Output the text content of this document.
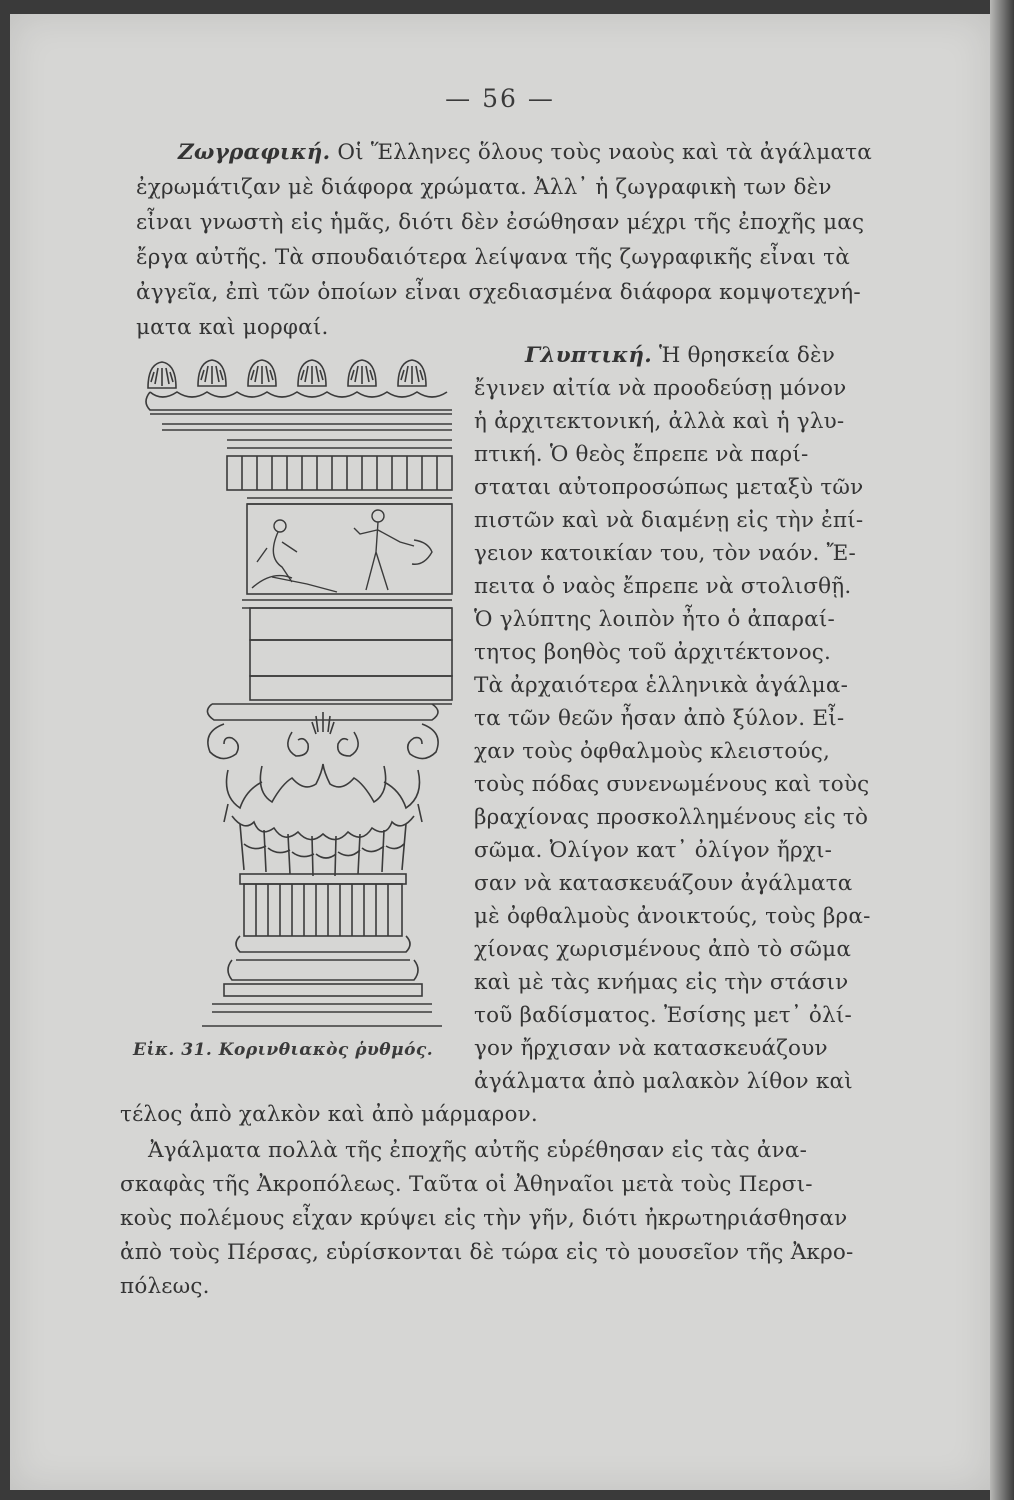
— 56 —
Ζωγραφική. Οἱ Ἕλληνες ὅλους τοὺς ναοὺς καὶ τὰ ἀγάλματα
ἐχρωμάτιζαν μὲ διάφορα χρώματα. Ἀλλ᾽ ἡ ζωγραφικὴ των δὲν
εἶναι γνωστὴ εἰς ἡμᾶς, διότι δὲν ἐσώθησαν μέχρι τῆς ἐποχῆς μας
ἔργα αὐτῆς. Τὰ σπουδαιότερα λείψανα τῆς ζωγραφικῆς εἶναι τὰ
ἀγγεῖα, ἐπὶ τῶν ὁποίων εἶναι σχεδιασμένα διάφορα κομψοτεχνή-
ματα καὶ μορφαί.
Γλυπτική. Ἡ θρησκεία δὲν
ἔγινεν αἰτία νὰ προοδεύσῃ μόνον
ἡ ἀρχιτεκτονική, ἀλλὰ καὶ ἡ γλυ-
πτική. Ὁ θεὸς ἔπρεπε νὰ παρί-
σταται αὐτοπροσώπως μεταξὺ τῶν
πιστῶν καὶ νὰ διαμένῃ εἰς τὴν ἐπί-
γειον κατοικίαν του, τὸν ναόν. Ἔ-
πειτα ὁ ναὸς ἔπρεπε νὰ στολισθῇ.
Ὁ γλύπτης λοιπὸν ἦτο ὁ ἀπαραί-
τητος βοηθὸς τοῦ ἀρχιτέκτονος.
Τὰ ἀρχαιότερα ἑλληνικὰ ἀγάλμα-
τα τῶν θεῶν ἦσαν ἀπὸ ξύλον. Εἶ-
χαν τοὺς ὀφθαλμοὺς κλειστούς,
τοὺς πόδας συνενωμένους καὶ τοὺς
βραχίονας προσκολλημένους εἰς τὸ
σῶμα. Ὀλίγον κατ᾽ ὀλίγον ἤρχι-
σαν νὰ κατασκευάζουν ἀγάλματα
μὲ ὀφθαλμοὺς ἀνοικτούς, τοὺς βρα-
χίονας χωρισμένους ἀπὸ τὸ σῶμα
καὶ μὲ τὰς κνήμας εἰς τὴν στάσιν
τοῦ βαδίσματος. Ἐσίσης μετ᾽ ὀλί-
γον ἤρχισαν νὰ κατασκευάζουν
ἀγάλματα ἀπὸ μαλακὸν λίθον καὶ
τέλος ἀπὸ χαλκὸν καὶ ἀπὸ μάρμαρον.
Ἀγάλματα πολλὰ τῆς ἐποχῆς αὐτῆς εὑρέθησαν εἰς τὰς ἀνα-
σκαφὰς τῆς Ἀκροπόλεως. Ταῦτα οἱ Ἀθηναῖοι μετὰ τοὺς Περσι-
κοὺς πολέμους εἶχαν κρύψει εἰς τὴν γῆν, διότι ἠκρωτηριάσθησαν
ἀπὸ τοὺς Πέρσας, εὑρίσκονται δὲ τώρα εἰς τὸ μουσεῖον τῆς Ἀκρο-
πόλεως.
Εἰκ. 31. Κορινθιακὸς ῥυθμός.
